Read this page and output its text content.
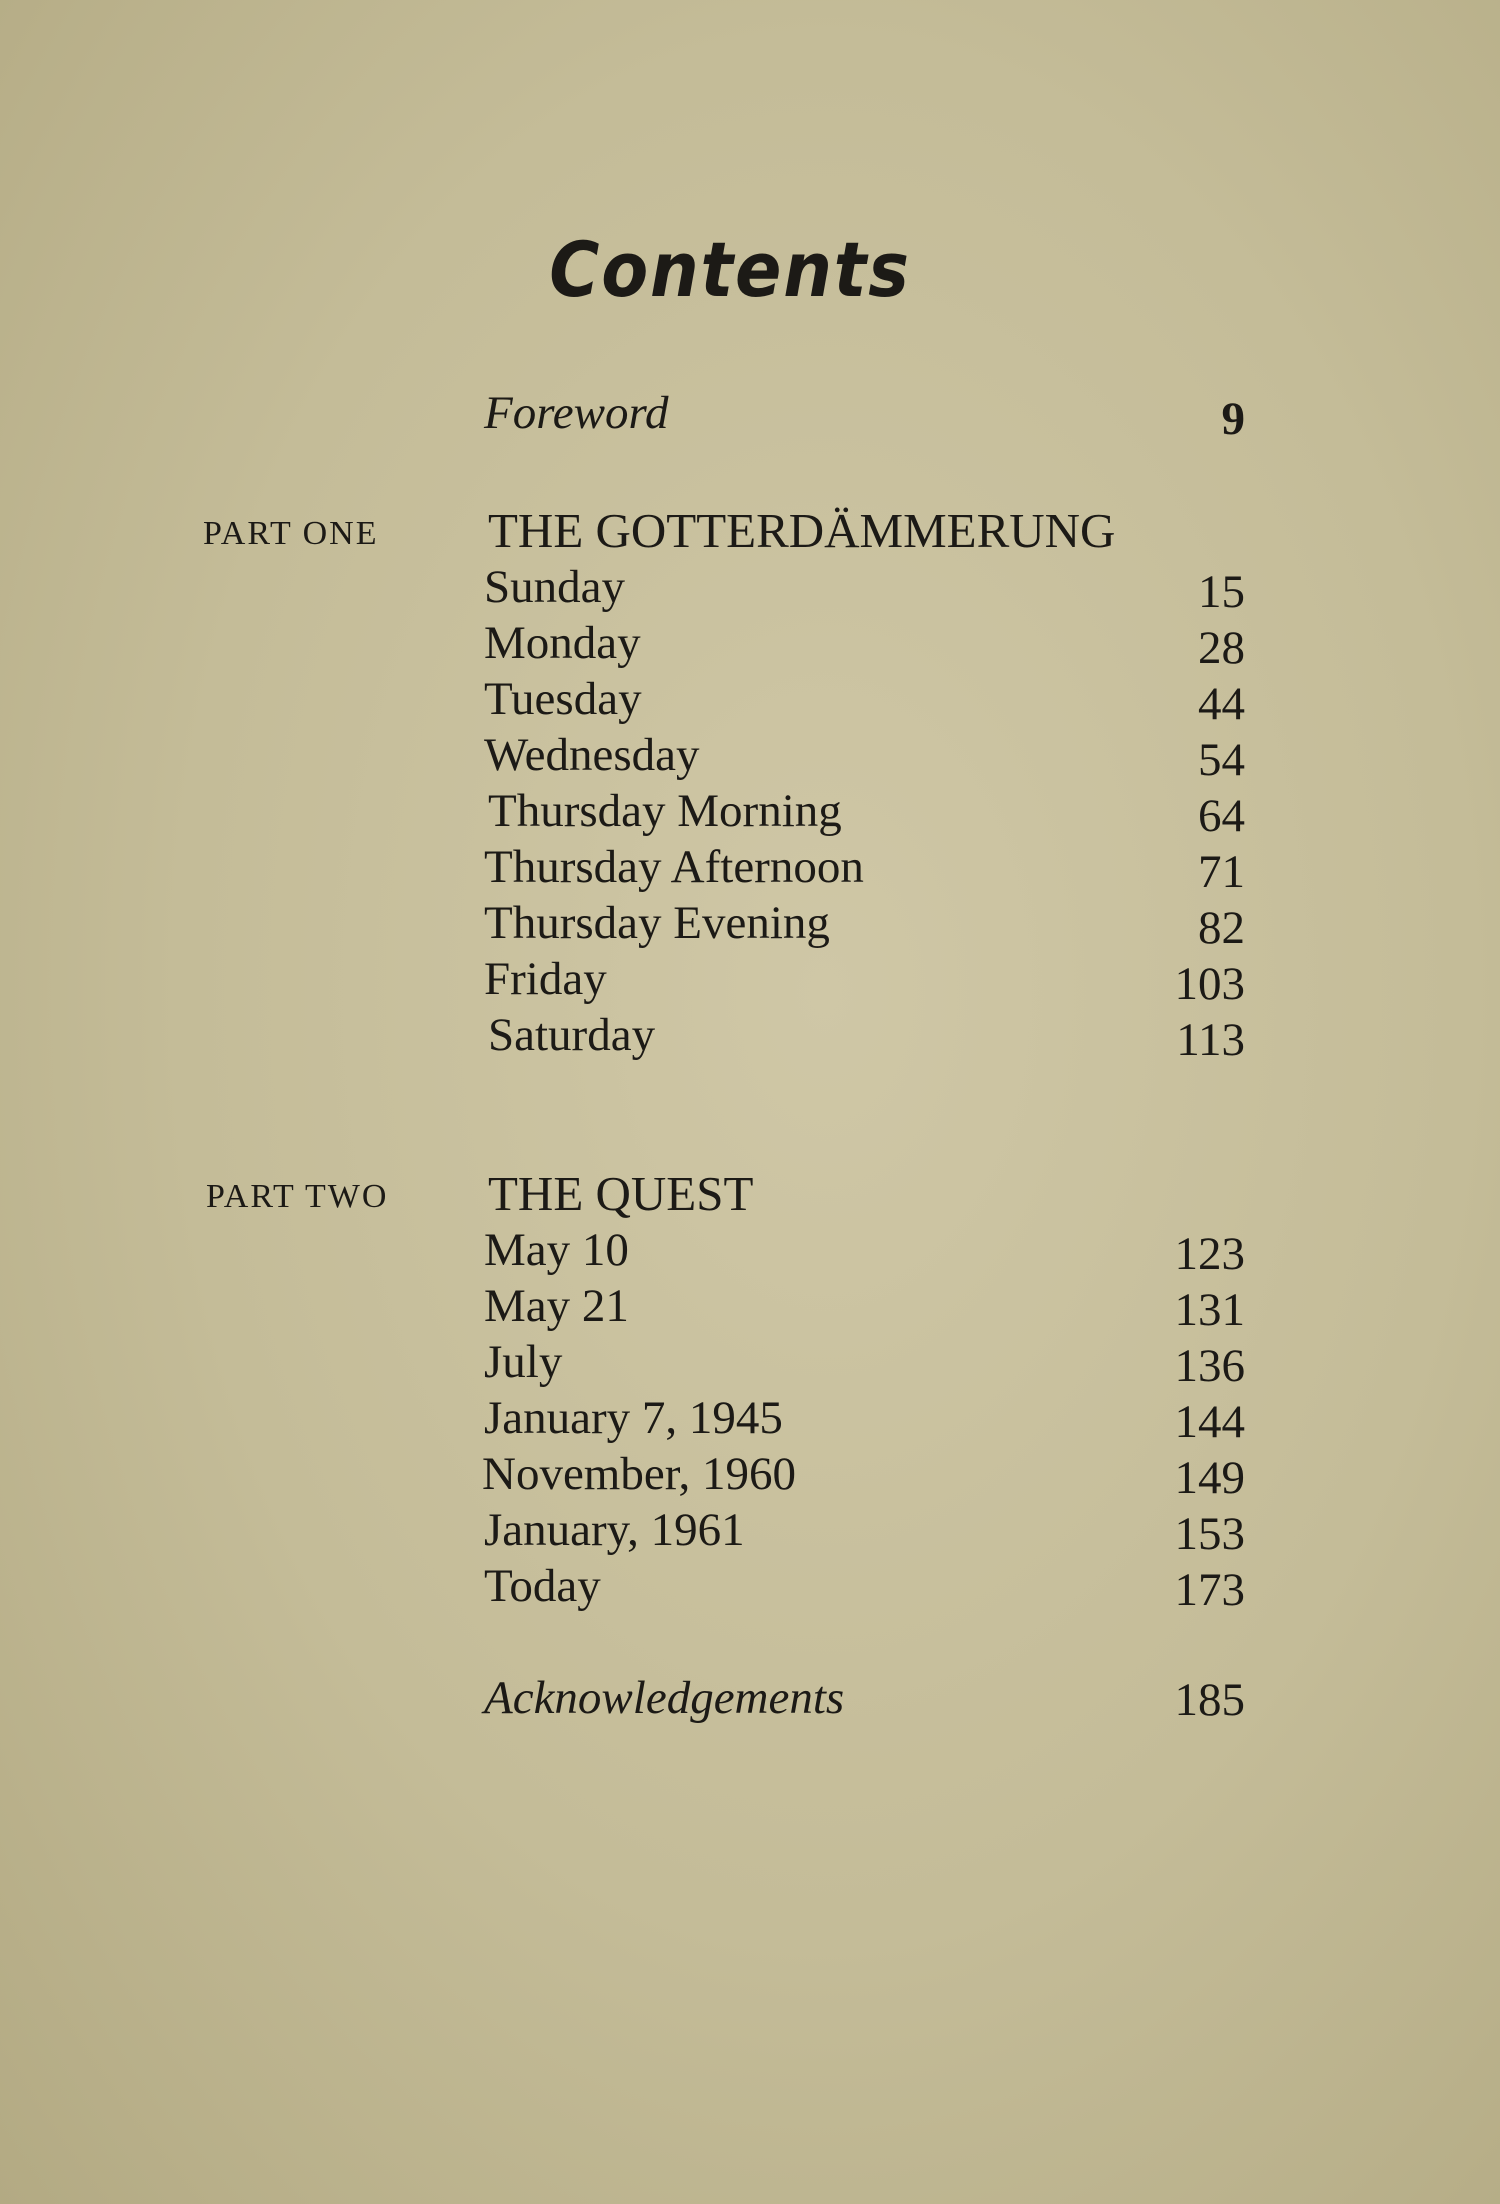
Contents
Foreword	9
PART ONE THE GOTTERDÄMMERUNG
Sunday	15
Monday	28
Tuesday	44
Wednesday	54
Thursday Morning	64
Thursday Afternoon	71
Thursday Evening	82
Friday	103
Saturday	113
PART TWO THE QUEST
May 10	123
May 21	131
July	136
January 7, 1945	144
November, 1960	149
January, 1961	153
Today	173
Acknowledgements	185
